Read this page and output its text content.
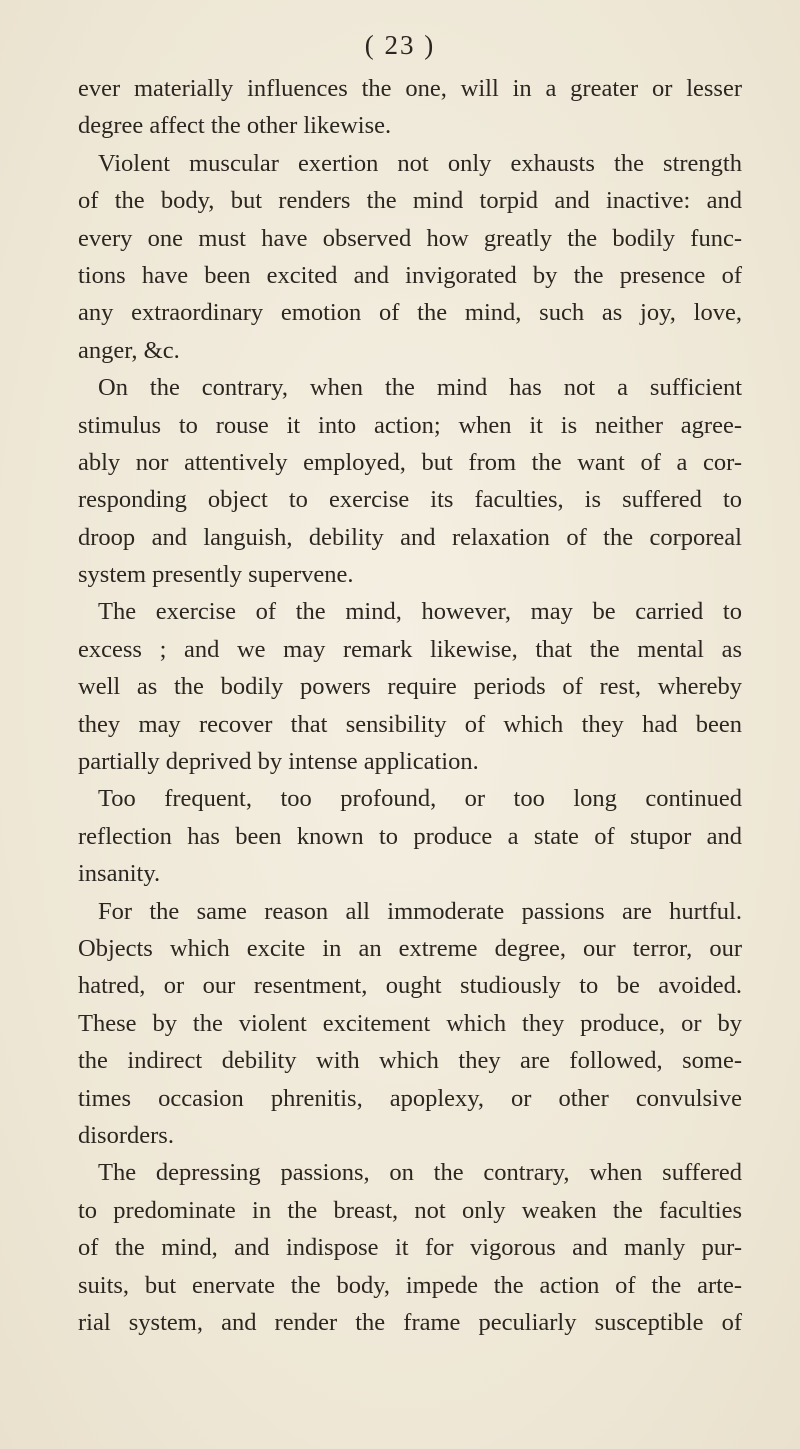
( 23 )
ever materially influences the one, will in a greater or lesser
degree affect the other likewise.
Violent muscular exertion not only exhausts the strength
of the body, but renders the mind torpid and inactive: and
every one must have observed how greatly the bodily func-
tions have been excited and invigorated by the presence of
any extraordinary emotion of the mind, such as joy, love,
anger, &c.
On the contrary, when the mind has not a sufficient
stimulus to rouse it into action; when it is neither agree-
ably nor attentively employed, but from the want of a cor-
responding object to exercise its faculties, is suffered to
droop and languish, debility and relaxation of the corporeal
system presently supervene.
The exercise of the mind, however, may be carried to
excess ; and we may remark likewise, that the mental as
well as the bodily powers require periods of rest, whereby
they may recover that sensibility of which they had been
partially deprived by intense application.
Too frequent, too profound, or too long continued
reflection has been known to produce a state of stupor and
insanity.
For the same reason all immoderate passions are hurtful.
Objects which excite in an extreme degree, our terror, our
hatred, or our resentment, ought studiously to be avoided.
These by the violent excitement which they produce, or by
the indirect debility with which they are followed, some-
times occasion phrenitis, apoplexy, or other convulsive
disorders.
The depressing passions, on the contrary, when suffered
to predominate in the breast, not only weaken the faculties
of the mind, and indispose it for vigorous and manly pur-
suits, but enervate the body, impede the action of the arte-
rial system, and render the frame peculiarly susceptible of
